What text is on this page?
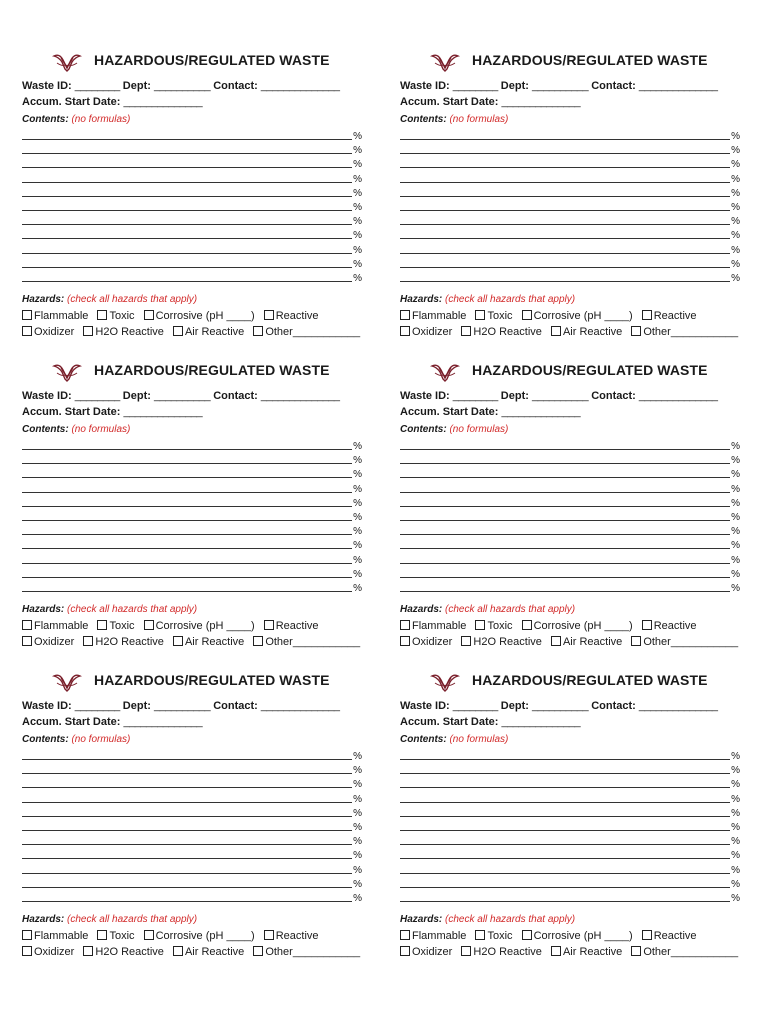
HAZARDOUS/REGULATED WASTE
Waste ID: ________ Dept: __________ Contact: ______________
Accum. Start Date: ______________
Contents: (no formulas)
%
%
%
%
%
%
%
%
%
%
%
Hazards: (check all hazards that apply)
Flammable Toxic Corrosive (pH ____) Reactive
Oxidizer H2O Reactive Air Reactive Other___________
HAZARDOUS/REGULATED WASTE
Waste ID: ________ Dept: __________ Contact: ______________
Accum. Start Date: ______________
Contents: (no formulas)
%
%
%
%
%
%
%
%
%
%
%
Hazards: (check all hazards that apply)
Flammable Toxic Corrosive (pH ____) Reactive
Oxidizer H2O Reactive Air Reactive Other___________
HAZARDOUS/REGULATED WASTE
Waste ID: ________ Dept: __________ Contact: ______________
Accum. Start Date: ______________
Contents: (no formulas)
%
%
%
%
%
%
%
%
%
%
%
Hazards: (check all hazards that apply)
Flammable Toxic Corrosive (pH ____) Reactive
Oxidizer H2O Reactive Air Reactive Other___________
HAZARDOUS/REGULATED WASTE
Waste ID: ________ Dept: __________ Contact: ______________
Accum. Start Date: ______________
Contents: (no formulas)
%
%
%
%
%
%
%
%
%
%
%
Hazards: (check all hazards that apply)
Flammable Toxic Corrosive (pH ____) Reactive
Oxidizer H2O Reactive Air Reactive Other___________
HAZARDOUS/REGULATED WASTE
Waste ID: ________ Dept: __________ Contact: ______________
Accum. Start Date: ______________
Contents: (no formulas)
%
%
%
%
%
%
%
%
%
%
%
Hazards: (check all hazards that apply)
Flammable Toxic Corrosive (pH ____) Reactive
Oxidizer H2O Reactive Air Reactive Other___________
HAZARDOUS/REGULATED WASTE
Waste ID: ________ Dept: __________ Contact: ______________
Accum. Start Date: ______________
Contents: (no formulas)
%
%
%
%
%
%
%
%
%
%
%
Hazards: (check all hazards that apply)
Flammable Toxic Corrosive (pH ____) Reactive
Oxidizer H2O Reactive Air Reactive Other___________
